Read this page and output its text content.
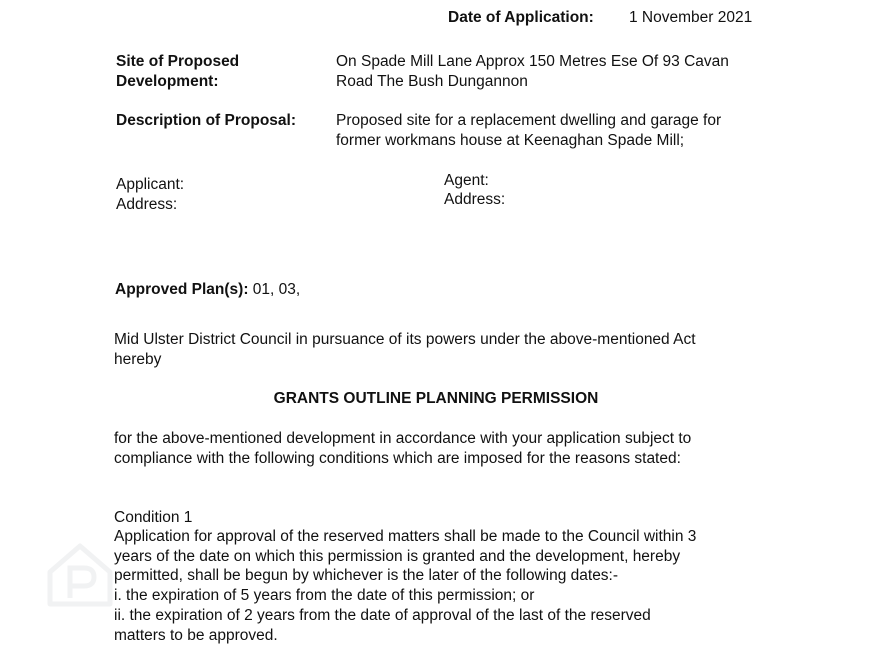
Date of Application: 1 November 2021
Site of Proposed
Development:
On Spade Mill Lane Approx 150 Metres Ese Of 93 Cavan
Road The Bush Dungannon
Description of Proposal:	Proposed site for a replacement dwelling and garage for
former workmans house at Keenaghan Spade Mill;
Applicant:
Address:
Agent:
Address:
Approved Plan(s): 01, 03,
Mid Ulster District Council in pursuance of its powers under the above-mentioned Act
hereby
GRANTS OUTLINE PLANNING PERMISSION
for the above-mentioned development in accordance with your application subject to
compliance with the following conditions which are imposed for the reasons stated:
Condition 1
Application for approval of the reserved matters shall be made to the Council within 3
years of the date on which this permission is granted and the development, hereby
permitted, shall be begun by whichever is the later of the following dates:-
i. the expiration of 5 years from the date of this permission; or
ii. the expiration of 2 years from the date of approval of the last of the reserved
matters to be approved.
